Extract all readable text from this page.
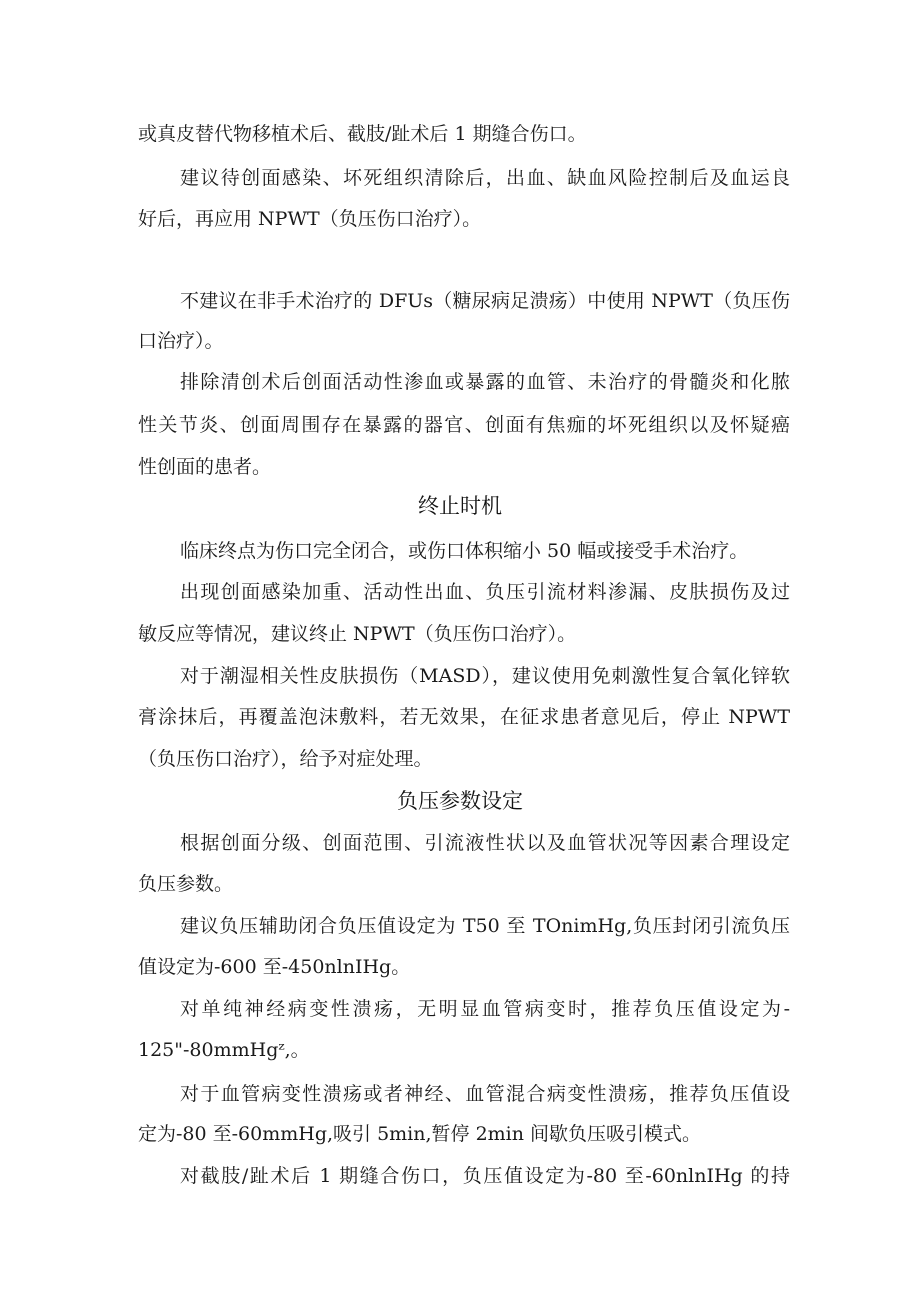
或真皮替代物移植术后、截肢/趾术后 1 期缝合伤口。
建议待创面感染、坏死组织清除后，出血、缺血风险控制后及血运良
好后，再应用 NPWT（负压伤口治疗）。
不建议在非手术治疗的 DFUs（糖尿病足溃疡）中使用 NPWT（负压伤
口治疗）。
排除清创术后创面活动性渗血或暴露的血管、未治疗的骨髓炎和化脓
性关节炎、创面周围存在暴露的器官、创面有焦痂的坏死组织以及怀疑癌
性创面的患者。
终止时机
临床终点为伤口完全闭合，或伤口体积缩小 50 幅或接受手术治疗。
出现创面感染加重、活动性出血、负压引流材料渗漏、皮肤损伤及过
敏反应等情况，建议终止 NPWT（负压伤口治疗）。
对于潮湿相关性皮肤损伤（MASD），建议使用免刺激性复合氧化锌软
膏涂抹后，再覆盖泡沫敷料，若无效果，在征求患者意见后，停止 NPWT
（负压伤口治疗），给予对症处理。
负压参数设定
根据创面分级、创面范围、引流液性状以及血管状况等因素合理设定
负压参数。
建议负压辅助闭合负压值设定为 T50 至 TOnimHg,负压封闭引流负压
值设定为-600 至-450nlnIHg。
对单纯神经病变性溃疡，无明显血管病变时，推荐负压值设定为-
125"-80mmHgᶻ,。
对于血管病变性溃疡或者神经、血管混合病变性溃疡，推荐负压值设
定为-80 至-60mmHg,吸引 5min,暂停 2min 间歇负压吸引模式。
对截肢/趾术后 1 期缝合伤口，负压值设定为-80 至-60nlnIHg 的持
